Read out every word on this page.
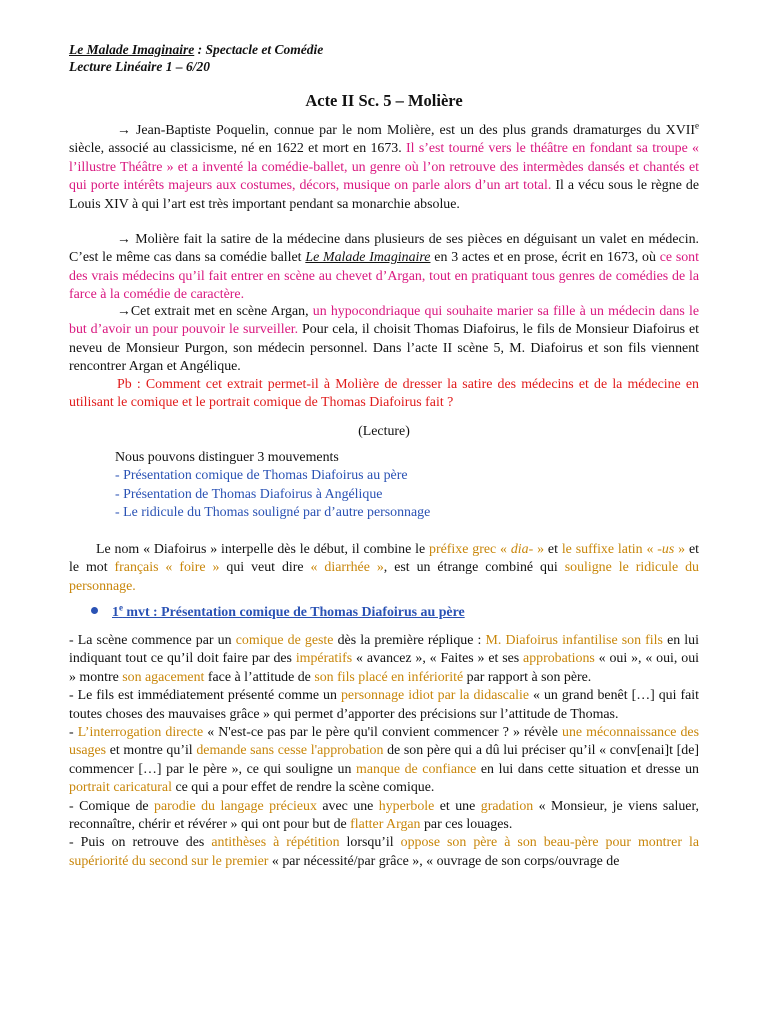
Le Malade Imaginaire : Spectacle et Comédie
Lecture Linéaire 1 – 6/20
Acte II Sc. 5 – Molière
→ Jean-Baptiste Poquelin, connue par le nom Molière, est un des plus grands dramaturges du XVIIe siècle, associé au classicisme, né en 1622 et mort en 1673. Il s’est tourné vers le théâtre en fondant sa troupe « l’illustre Théâtre » et a inventé la comédie-ballet, un genre où l’on retrouve des intermèdes dansés et chantés et qui porte intérêts majeurs aux costumes, décors, musique on parle alors d’un art total. Il a vécu sous le règne de Louis XIV à qui l’art est très important pendant sa monarchie absolue.
→ Molière fait la satire de la médecine dans plusieurs de ses pièces en déguisant un valet en médecin. C’est le même cas dans sa comédie ballet Le Malade Imaginaire en 3 actes et en prose, écrit en 1673, où ce sont des vrais médecins qu’il fait entrer en scène au chevet d’Argan, tout en pratiquant tous genres de comédies de la farce à la comédie de caractère.
→Cet extrait met en scène Argan, un hypocondriaque qui souhaite marier sa fille à un médecin dans le but d’avoir un pour pouvoir le surveiller. Pour cela, il choisit Thomas Diafoirus, le fils de Monsieur Diafoirus et neveu de Monsieur Purgon, son médecin personnel. Dans l’acte II scène 5, M. Diafoirus et son fils viennent rencontrer Argan et Angélique.
Pb : Comment cet extrait permet-il à Molière de dresser la satire des médecins et de la médecine en utilisant le comique et le portrait comique de Thomas Diafoirus fait ?
(Lecture)
Nous pouvons distinguer 3 mouvements
- Présentation comique de Thomas Diafoirus au père
- Présentation de Thomas Diafoirus à Angélique
- Le ridicule du Thomas souligné par d’autre personnage
Le nom « Diafoirus » interpelle dès le début, il combine le préfixe grec « dia- » et le suffixe latin « -us » et le mot français « foire » qui veut dire « diarrhée », est un étrange combiné qui souligne le ridicule du personnage.
1e mvt : Présentation comique de Thomas Diafoirus au père
- La scène commence par un comique de geste dès la première réplique : M. Diafoirus infantilise son fils en lui indiquant tout ce qu’il doit faire par des impératifs « avancez », « Faites » et ses approbations « oui », « oui, oui » montre son agacement face à l’attitude de son fils placé en infériorité par rapport à son père.
- Le fils est immédiatement présenté comme un personnage idiot par la didascalie « un grand benêt […] qui fait toutes choses des mauvaises grâce » qui permet d’apporter des précisions sur l’attitude de Thomas.
- L’interrogation directe « N'est-ce pas par le père qu'il convient commencer ? » révèle une méconnaissance des usages et montre qu’il demande sans cesse l'approbation de son père qui a dû lui préciser qu’il « conv[enai]t [de] commencer […] par le père », ce qui souligne un manque de confiance en lui dans cette situation et dresse un portrait caricatural ce qui a pour effet de rendre la scène comique.
- Comique de parodie du langage précieux avec une hyperbole et une gradation « Monsieur, je viens saluer, reconnaître, chérir et révérer » qui ont pour but de flatter Argan par ces louages.
- Puis on retrouve des antithèses à répétition lorsqu’il oppose son père à son beau-père pour montrer la supériorité du second sur le premier « par nécessité/par grâce », « ouvrage de son corps/ouvrage de
